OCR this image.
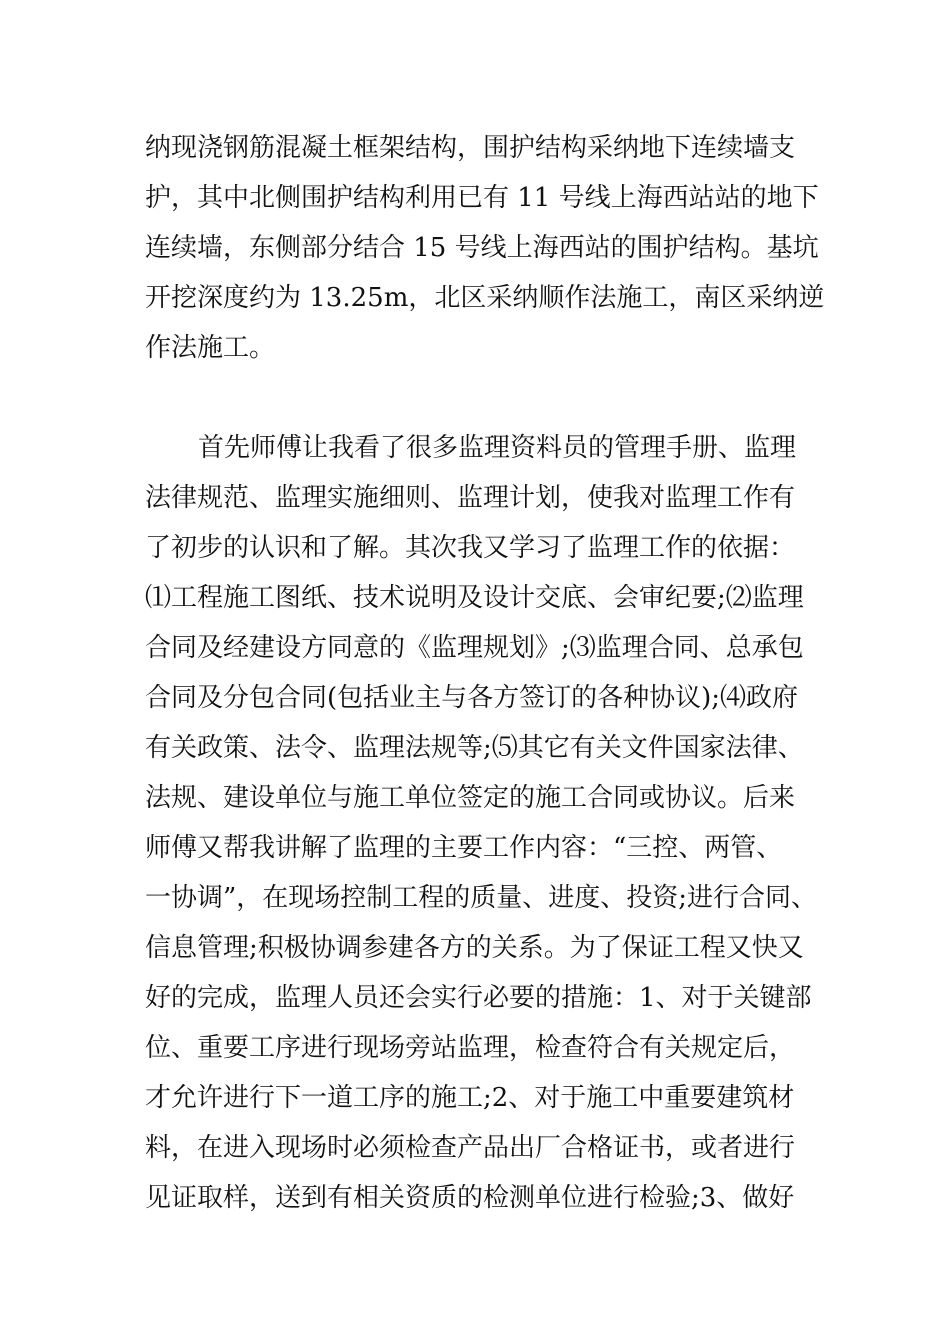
纳现浇钢筋混凝土框架结构，围护结构采纳地下连续墙支

护，其中北侧围护结构利用已有 11 号线上海西站站的地下

连续墙，东侧部分结合 15 号线上海西站的围护结构。基坑

开挖深度约为 13.25m，北区采纳顺作法施工，南区采纳逆

作法施工。

首先师傅让我看了很多监理资料员的管理手册、监理

法律规范、监理实施细则、监理计划，使我对监理工作有

了初步的认识和了解。其次我又学习了监理工作的依据：

⑴工程施工图纸、技术说明及设计交底、会审纪要;⑵监理

合同及经建设方同意的《监理规划》;⑶监理合同、总承包

合同及分包合同(包括业主与各方签订的各种协议);⑷政府

有关政策、法令、监理法规等;⑸其它有关文件国家法律、

法规、建设单位与施工单位签定的施工合同或协议。后来

师傅又帮我讲解了监理的主要工作内容：“三控、两管、

一协调”，在现场控制工程的质量、进度、投资;进行合同、

信息管理;积极协调参建各方的关系。为了保证工程又快又

好的完成，监理人员还会实行必要的措施：1、对于关键部

位、重要工序进行现场旁站监理，检查符合有关规定后，

才允许进行下一道工序的施工;2、对于施工中重要建筑材

料，在进入现场时必须检查产品出厂合格证书，或者进行

见证取样，送到有相关资质的检测单位进行检验;3、做好
